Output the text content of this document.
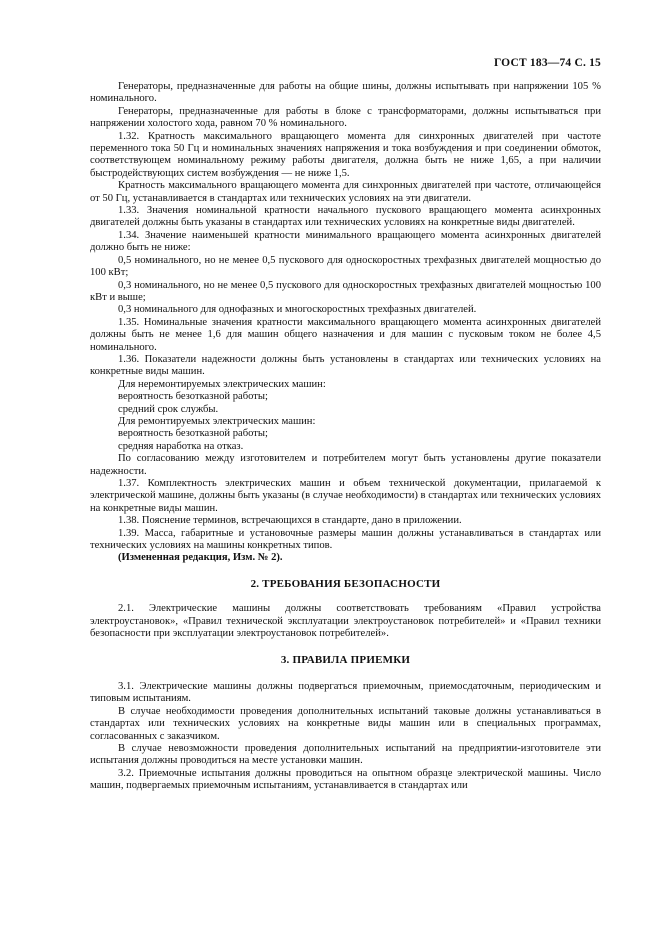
ГОСТ 183—74 С. 15

Генераторы, предназначенные для работы на общие шины, должны испытывать при напряжении 105 % номинального.

Генераторы, предназначенные для работы в блоке с трансформаторами, должны испытываться при напряжении холостого хода, равном 70 % номинального.

1.32. Кратность максимального вращающего момента для синхронных двигателей при частоте переменного тока 50 Гц и номинальных значениях напряжения и тока возбуждения и при соединении обмоток, соответствующем номинальному режиму работы двигателя, должна быть не ниже 1,65, а при наличии быстродействующих систем возбуждения — не ниже 1,5.

Кратность максимального вращающего момента для синхронных двигателей при частоте, отличающейся от 50 Гц, устанавливается в стандартах или технических условиях на эти двигатели.

1.33. Значения номинальной кратности начального пускового вращающего момента асинхронных двигателей должны быть указаны в стандартах или технических условиях на конкретные виды двигателей.

1.34. Значение наименьшей кратности минимального вращающего момента асинхронных двигателей должно быть не ниже:

0,5 номинального, но не менее 0,5 пускового для односкоростных трехфазных двигателей мощностью до 100 кВт;

0,3 номинального, но не менее 0,5 пускового для односкоростных трехфазных двигателей мощностью 100 кВт и выше;

0,3 номинального для однофазных и многоскоростных трехфазных двигателей.

1.35. Номинальные значения кратности максимального вращающего момента асинхронных двигателей должны быть не менее 1,6 для машин общего назначения и для машин с пусковым током не более 4,5 номинального.

1.36. Показатели надежности должны быть установлены в стандартах или технических условиях на конкретные виды машин.

Для неремонтируемых электрических машин:

вероятность безотказной работы;

средний срок службы.

Для ремонтируемых электрических машин:

вероятность безотказной работы;

средняя наработка на отказ.

По согласованию между изготовителем и потребителем могут быть установлены другие показатели надежности.

1.37. Комплектность электрических машин и объем технической документации, прилагаемой к электрической машине, должны быть указаны (в случае необходимости) в стандартах или технических условиях на конкретные виды машин.

1.38. Пояснение терминов, встречающихся в стандарте, дано в приложении.

1.39. Масса, габаритные и установочные размеры машин должны устанавливаться в стандартах или технических условиях на машины конкретных типов.

(Измененная редакция, Изм. № 2).

2. ТРЕБОВАНИЯ БЕЗОПАСНОСТИ

2.1. Электрические машины должны соответствовать требованиям «Правил устройства электроустановок», «Правил технической эксплуатации электроустановок потребителей» и «Правил техники безопасности при эксплуатации электроустановок потребителей».

3. ПРАВИЛА ПРИЕМКИ

3.1. Электрические машины должны подвергаться приемочным, приемосдаточным, периодическим и типовым испытаниям.

В случае необходимости проведения дополнительных испытаний таковые должны устанавливаться в стандартах или технических условиях на конкретные виды машин или в специальных программах, согласованных с заказчиком.

В случае невозможности проведения дополнительных испытаний на предприятии-изготовителе эти испытания должны проводиться на месте установки машин.

3.2. Приемочные испытания должны проводиться на опытном образце электрической машины. Число машин, подвергаемых приемочным испытаниям, устанавливается в стандартах или
